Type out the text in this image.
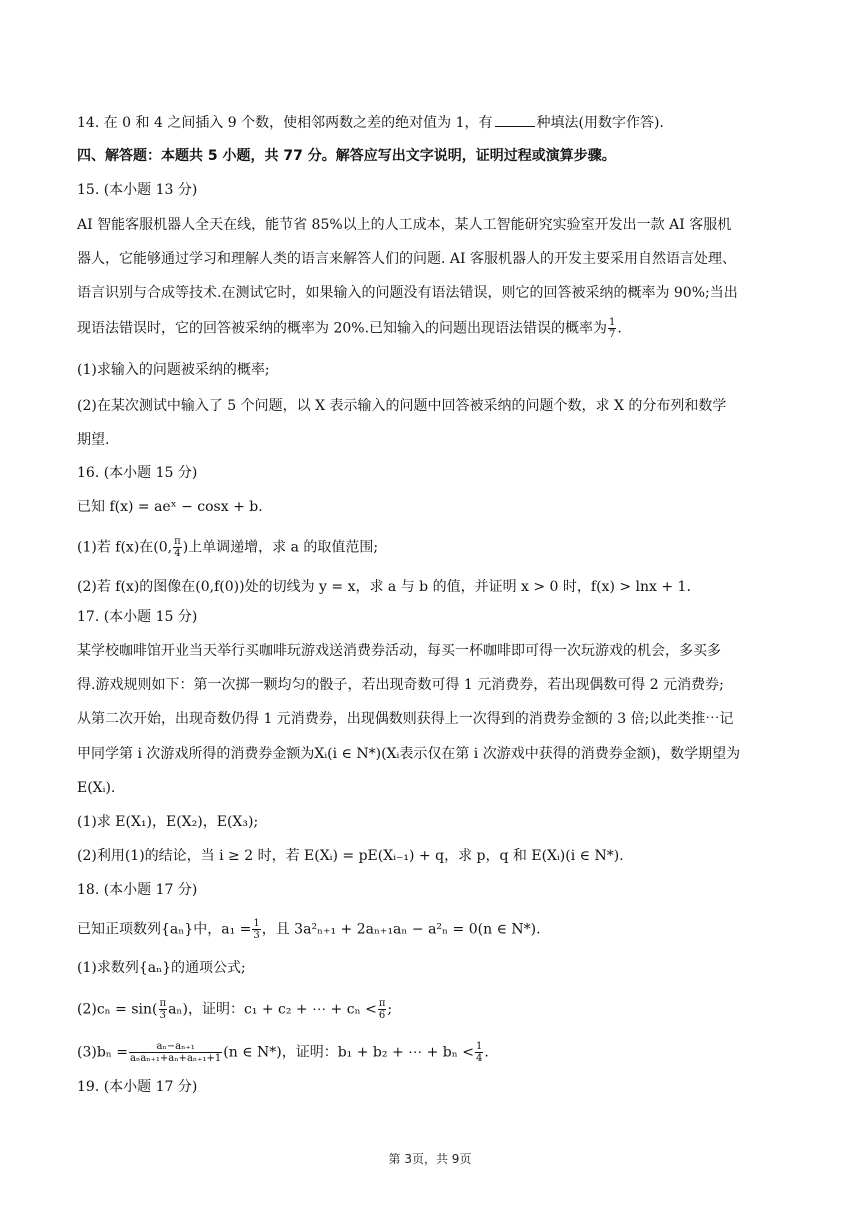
14. 在 0 和 4 之间插入 9 个数，使相邻两数之差的绝对值为 1，有	种填法(用数字作答).
四、解答题：本题共 5 小题，共 77 分。解答应写出文字说明，证明过程或演算步骤。
15. (本小题 13 分)
AI 智能客服机器人全天在线，能节省 85%以上的人工成本，某人工智能研究实验室开发出一款 AI 客服机
器人，它能够通过学习和理解人类的语言来解答人们的问题. AI 客服机器人的开发主要采用自然语言处理、
语言识别与合成等技术.在测试它时，如果输入的问题没有语法错误，则它的回答被采纳的概率为 90%;当出
现语法错误时，它的回答被采纳的概率为 20%.已知输入的问题出现语法错误的概率为 $\frac{1}{7}$ .
(1)求输入的问题被采纳的概率;
(2)在某次测试中输入了 5 个问题，以 X 表示输入的问题中回答被采纳的问题个数，求 X 的分布列和数学
期望.
16. (本小题 15 分)
已知 f(x) = aeˣ − cosx + b.
(1)若 f(x)在(0, $\frac{\pi}{4}$ )上单调递增，求 a 的取值范围;
(2)若 f(x)的图像在(0,f(0))处的切线为 y = x，求 a 与 b 的值，并证明 x > 0 时，f(x) > lnx + 1.
17. (本小题 15 分)
某学校咖啡馆开业当天举行买咖啡玩游戏送消费券活动，每买一杯咖啡即可得一次玩游戏的机会，多买多
得.游戏规则如下：第一次掷一颗均匀的骰子，若出现奇数可得 1 元消费券，若出现偶数可得 2 元消费券;
从第二次开始，出现奇数仍得 1 元消费券，出现偶数则获得上一次得到的消费券金额的 3 倍;以此类推⋯记
甲同学第 i 次游戏所得的消费券金额为Xᵢ(i ∈ N*)(Xᵢ表示仅在第 i 次游戏中获得的消费券金额)，数学期望为
E(Xᵢ).
(1)求 E(X₁)，E(X₂)，E(X₃);
(2)利用(1)的结论，当 i ≥ 2 时，若 E(Xᵢ) = pE(Xᵢ₋₁) + q，求 p，q 和 E(Xᵢ)(i ∈ N*).
18. (本小题 17 分)
已知正项数列{aₙ}中，$a_1 = \frac{1}{3}$ ，且 3a²ₙ₊₁ + 2aₙ₊₁aₙ − a²ₙ = 0(n ∈ N*).
(1)求数列{aₙ}的通项公式;
$(2)c_n = \sin( \frac{\pi}{3} a_n)$，证明：c₁ + c₂ + ⋯ + $c_n < \frac{\pi}{6}$ ;
$(3)b_n = \frac{\text{aₙ−aₙ₊₁}}{\text{aₙaₙ₊₁+aₙ+aₙ₊₁+1}} (n$ ∈ N*)，证明：b₁ + b₂ + ⋯ + $b_n < \frac{1}{4}$ .
19. (本小题 17 分)
第 3页，共 9页
